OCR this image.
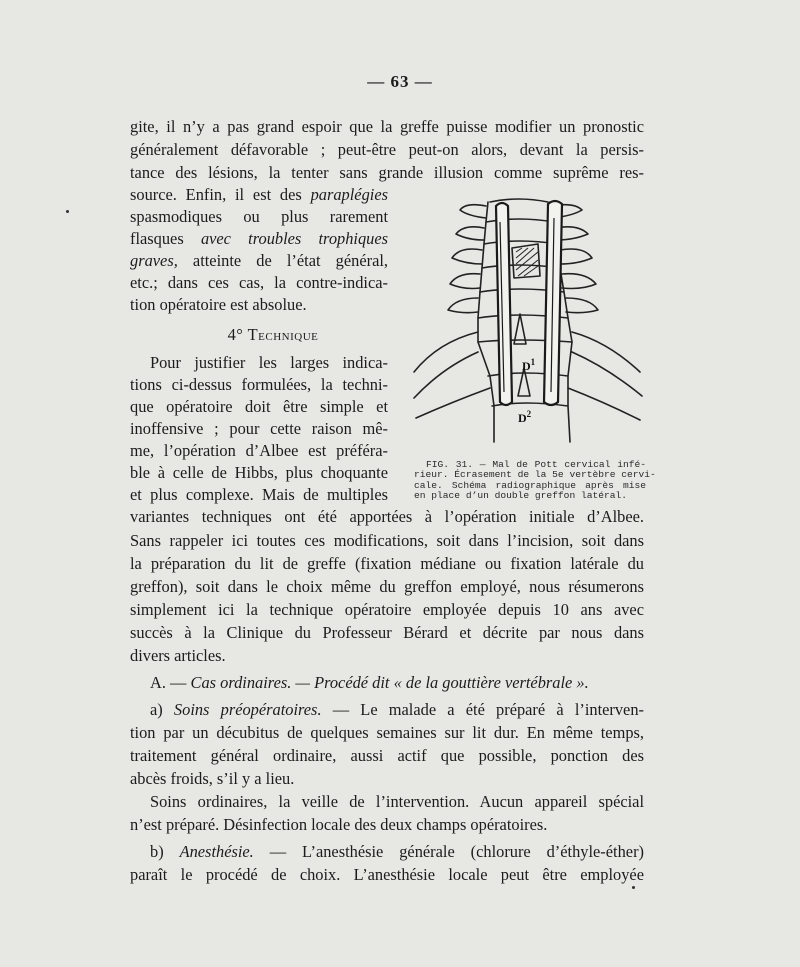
— 63 —
gite, il n’y a pas grand espoir que la greffe puisse modifier un pronostic
généralement défavorable ; peut-être peut-on alors, devant la persis-
tance des lésions, la tenter sans grande illusion comme suprême res-
source. Enfin, il est des paraplégies
spasmodiques ou plus rarement
flasques avec troubles trophiques
graves, atteinte de l’état général,
etc.; dans ces cas, la contre-indica-
tion opératoire est absolue.
4° Technique
Pour justifier les larges indica-
tions ci-dessus formulées, la techni-
que opératoire doit être simple et
inoffensive ; pour cette raison mê-
me, l’opération d’Albee est préféra-
ble à celle de Hibbs, plus choquante
et plus complexe. Mais de multiples
variantes techniques ont été apportées à l’opération initiale d’Albee.
Sans rappeler ici toutes ces modifications, soit dans l’incision, soit dans
la préparation du lit de greffe (fixation médiane ou fixation latérale du
greffon), soit dans le choix même du greffon employé, nous résumerons
simplement ici la technique opératoire employée depuis 10 ans avec
succès à la Clinique du Professeur Bérard et décrite par nous dans
divers articles.
A. — Cas ordinaires. — Procédé dit « de la gouttière vertébrale ».
a) Soins préopératoires. — Le malade a été préparé à l’interven-
tion par un décubitus de quelques semaines sur lit dur. En même temps,
traitement général ordinaire, aussi actif que possible, ponction des
abcès froids, s’il y a lieu.
Soins ordinaires, la veille de l’intervention. Aucun appareil spécial
n’est préparé. Désinfection locale des deux champs opératoires.
b) Anesthésie. — L’anesthésie générale (chlorure d’éthyle-éther)
paraît le procédé de choix. L’anesthésie locale peut être employée
$D^1$
$D^2$
FIG. 31. — Mal de Pott cervical infé-
rieur. Écrasement de la 5e vertèbre cervi-
cale. Schéma radiographique après mise
en place d’un double greffon latéral.
